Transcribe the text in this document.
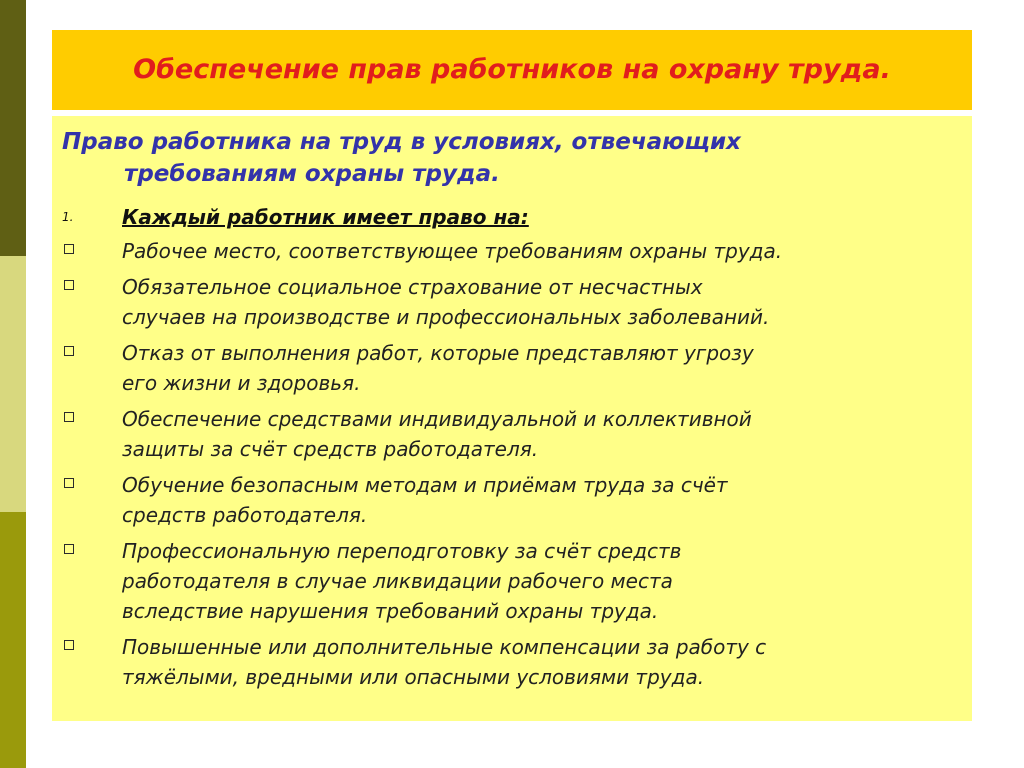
Обеспечение прав работников на охрану труда.
Право работника на труд в условиях, отвечающих
требованиям охраны труда.
1. Каждый работник имеет право на:
Рабочее место, соответствующее требованиям охраны труда.
Обязательное социальное страхование от несчастных
случаев на производстве и профессиональных заболеваний.
Отказ от выполнения работ, которые представляют угрозу
его жизни и здоровья.
Обеспечение средствами индивидуальной и коллективной
защиты за счёт средств работодателя.
Обучение безопасным методам и приёмам труда за счёт
средств работодателя.
Профессиональную переподготовку за счёт средств
работодателя в случае ликвидации рабочего места
вследствие нарушения требований охраны труда.
Повышенные или дополнительные компенсации за работу с
тяжёлыми, вредными или опасными условиями труда.
